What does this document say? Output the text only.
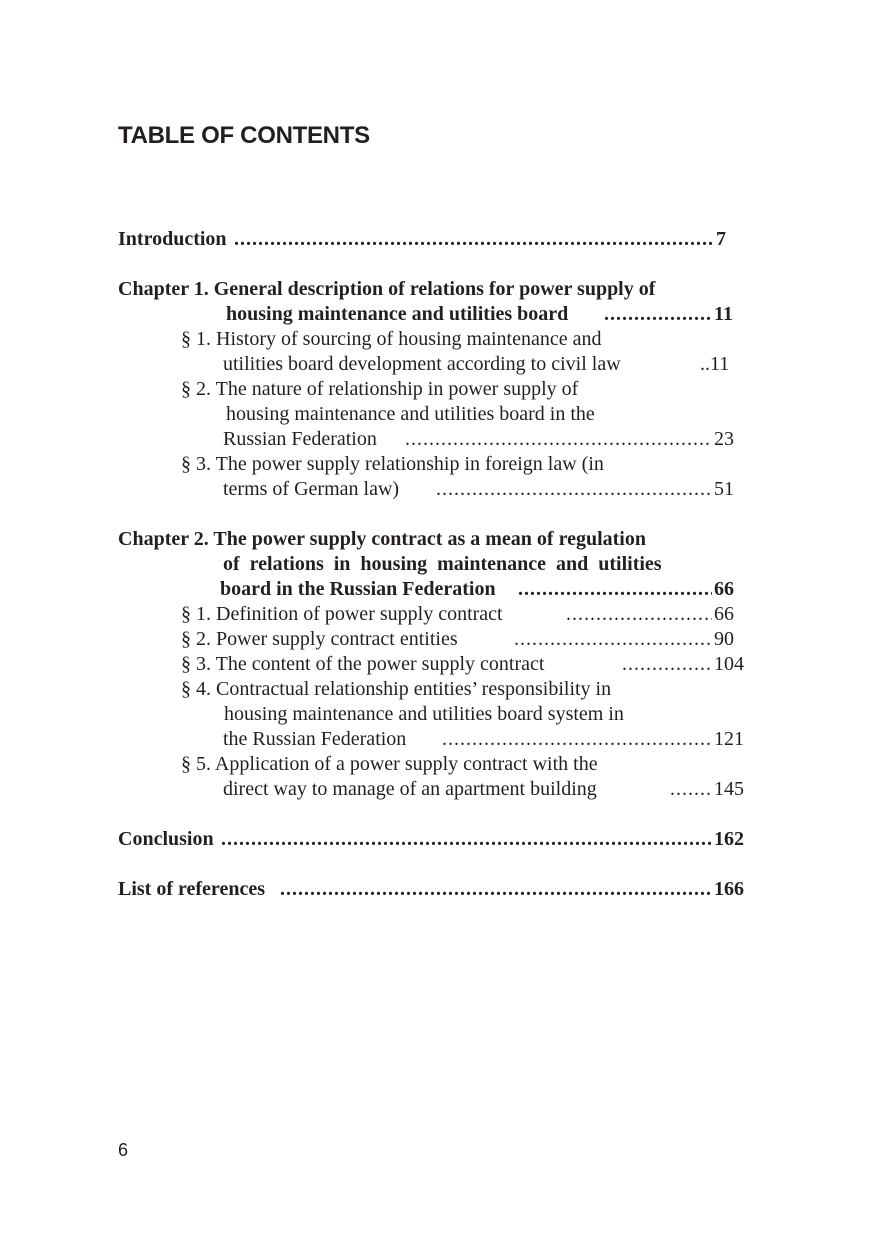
TABLE OF CONTENTS
Introduction .....	7
Chapter 1. General description of relations for power supply of
housing maintenance and utilities board .....	11
§ 1. History of sourcing of housing maintenance and
utilities board development according to civil law	..11
§ 2. The nature of relationship in power supply of
housing maintenance and utilities board in the
Russian Federation .....	23
§ 3. The power supply relationship in foreign law (in
terms of German law) .....	51
Chapter 2. The power supply contract as a mean of regulation
of relations in housing maintenance and utilities
board in the Russian Federation .....	66
§ 1. Definition of power supply contract .....	66
§ 2. Power supply contract entities .....	90
§ 3. The content of the power supply contract .....	104
§ 4. Contractual relationship entities’ responsibility in
housing maintenance and utilities board system in
the Russian Federation .....	121
§ 5. Application of a power supply contract with the
direct way to manage of an apartment building .....	145
Conclusion .....	162
List of references .....	166
6
